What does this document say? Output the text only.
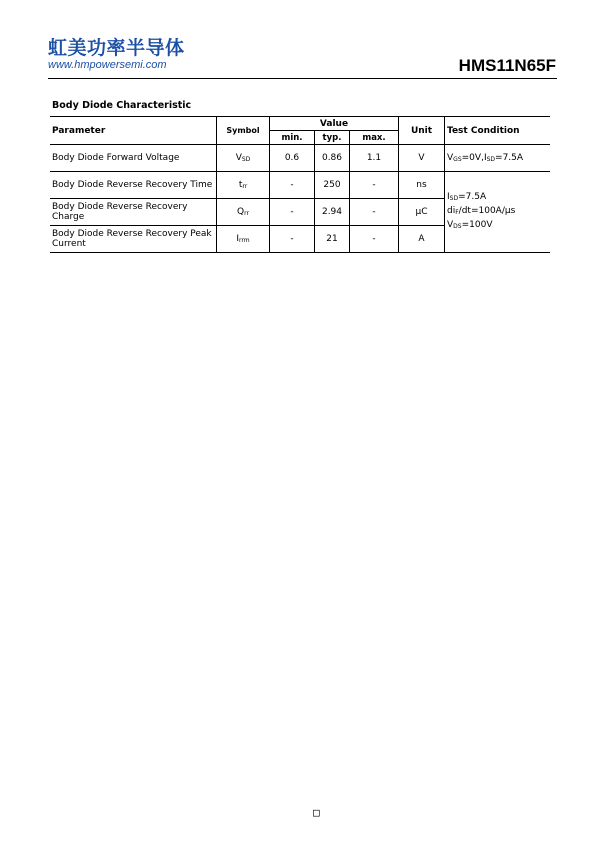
虹美功率半导体
www.hmpowersemi.com	HMS11N65F
Body Diode Characteristic
Parameter	Symbol	Value			Unit	Test Condition
		min.	typ.	max.		

Body Diode Forward Voltage	$V_{SD}$	0.6	0.86	1.1	V	$V_{GS}=0V,I_{SD}=7.5A$

Body Diode Reverse Recovery Time	$t_{rr}$	-	250	-	ns	$I_{SD}=7.5A$
$di_F/dt=100A/\mu s$
$V_{DS}=100V$

Body Diode Reverse Recovery Charge	$Q_{rr}$	-	2.94	-	μC	

Body Diode Reverse Recovery Peak Current	$I_{rrm}$	-	21	-	A	
□
